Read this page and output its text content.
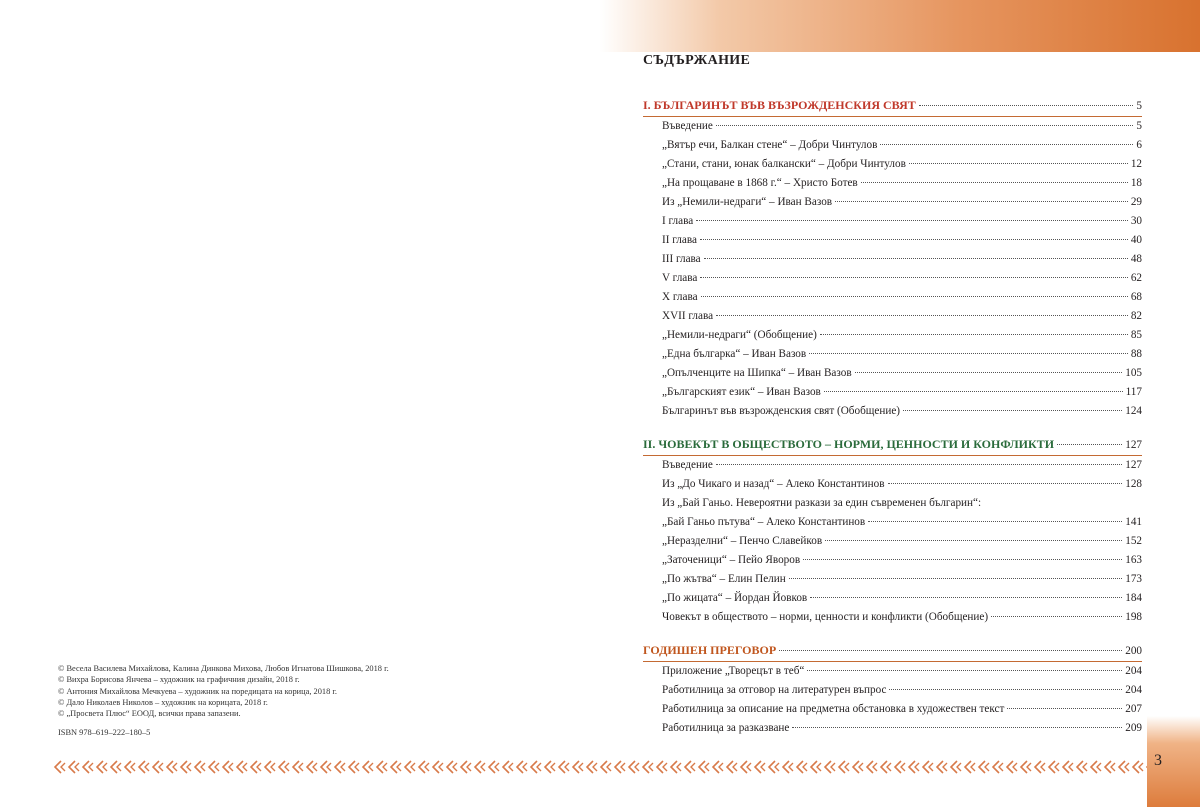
3
СЪДЪРЖАНИЕ
I. БЪЛГАРИНЪТ ВЪВ ВЪЗРОЖДЕНСКИЯ СВЯТ	5
Въведение	5
„Вятър ечи, Балкан стене“ – Добри Чинтулов	6
„Стани, стани, юнак балкански“ – Добри Чинтулов	12
„На прощаване в 1868 г.“ – Христо Ботев	18
Из „Немили-недраги“ – Иван Вазов	29
I глава	30
II глава	40
III глава	48
V глава	62
X глава	68
XVII глава	82
„Немили-недраги“ (Обобщение)	85
„Една българка“ – Иван Вазов	88
„Опълченците на Шипка“ – Иван Вазов	105
„Българският език“ – Иван Вазов	117
Българинът във възрожденския свят (Обобщение)	124
II. ЧОВЕКЪТ В ОБЩЕСТВОТО – НОРМИ, ЦЕННОСТИ И КОНФЛИКТИ	127
Въведение	127
Из „До Чикаго и назад“ – Алеко Константинов	128
Из „Бай Ганьо. Невероятни разкази за един съвременен българин“:
„Бай Ганьо пътува“ – Алеко Константинов	141
„Неразделни“ – Пенчо Славейков	152
„Заточеници“ – Пейо Яворов	163
„По жътва“ – Елин Пелин	173
„По жицата“ – Йордан Йовков	184
Човекът в обществото – норми, ценности и конфликти (Обобщение)	198
ГОДИШЕН ПРЕГОВОР	200
Приложение „Творецът в теб“	204
Работилница за отговор на литературен въпрос	204
Работилница за описание на предметна обстановка в художествен текст	207
Работилница за разказване	209
© Весела Василева Михайлова, Калина Динкова Михова, Любов Игнатова Шишкова, 2018 г.
© Вихра Борисова Янчева – художник на графичния дизайн, 2018 г.
© Антония Михайлова Мечкуева – художник на поредицата на корица, 2018 г.
© Дало Николаев Николов – художник на корицата, 2018 г.
© „Просвета Плюс“ ЕООД, всички права запазени.
ISBN 978–619–222–180–5
